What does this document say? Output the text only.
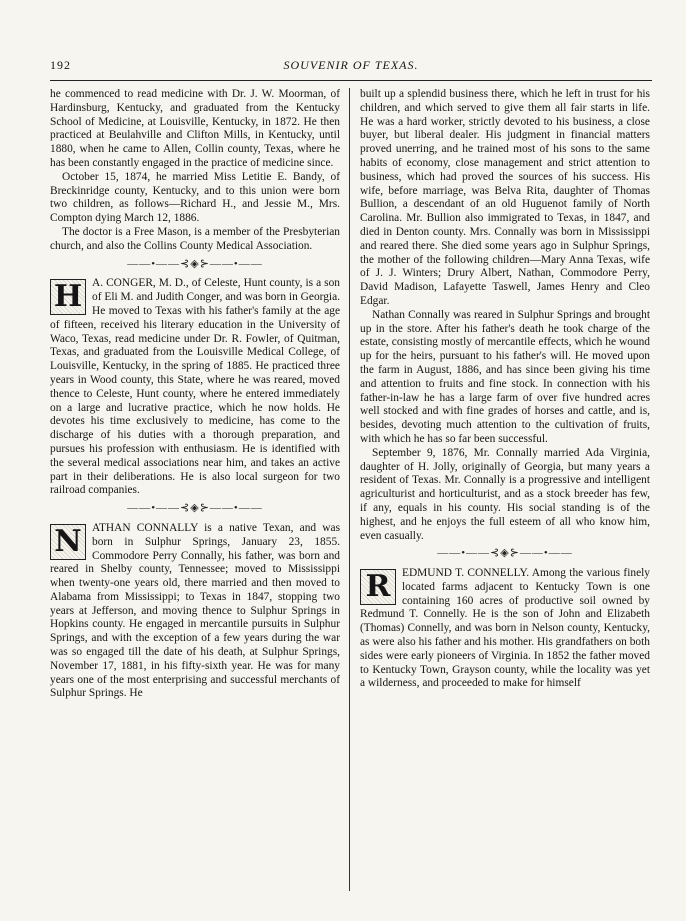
192	SOUVENIR OF TEXAS.

he commenced to read medicine with Dr. J. W. Moorman, of Hardinsburg, Kentucky, and graduated from the Kentucky School of Medicine, at Louisville, Kentucky, in 1872. He then practiced at Beulahville and Clifton Mills, in Kentucky, until 1880, when he came to Allen, Collin county, Texas, where he has been constantly engaged in the practice of medicine since.

October 15, 1874, he married Miss Letitie E. Bandy, of Breckinridge county, Kentucky, and to this union were born two children, as follows—Richard H., and Jessie M., Mrs. Compton dying March 12, 1886.

The doctor is a Free Mason, is a member of the Presbyterian church, and also the Collins County Medical Association.

——•——⊰◈⊱——•——

H A. CONGER, M. D., of Celeste, Hunt county, is a son of Eli M. and Judith Conger, and was born in Georgia. He moved to Texas with his father's family at the age of fifteen, received his literary education in the University of Waco, Texas, read medicine under Dr. R. Fowler, of Quitman, Texas, and graduated from the Louisville Medical College, of Louisville, Kentucky, in the spring of 1885. He practiced three years in Wood county, this State, where he was reared, moved thence to Celeste, Hunt county, where he entered immediately on a large and lucrative practice, which he now holds. He devotes his time exclusively to medicine, has come to the discharge of his duties with a thorough preparation, and pursues his profession with enthusiasm. He is identified with the several medical associations near him, and takes an active part in their deliberations. He is also local surgeon for two railroad companies.

——•——⊰◈⊱——•——

N ATHAN CONNALLY is a native Texan, and was born in Sulphur Springs, January 23, 1855. Commodore Perry Connally, his father, was born and reared in Shelby county, Tennessee; moved to Mississippi when twenty-one years old, there married and then moved to Alabama from Mississippi; to Texas in 1847, stopping two years at Jefferson, and moving thence to Sulphur Springs in Hopkins county. He engaged in mercantile pursuits in Sulphur Springs, and with the exception of a few years during the war was so engaged till the date of his death, at Sulphur Springs, November 17, 1881, in his fifty-sixth year. He was for many years one of the most enterprising and successful merchants of Sulphur Springs. He

built up a splendid business there, which he left in trust for his children, and which served to give them all fair starts in life. He was a hard worker, strictly devoted to his business, a close buyer, but liberal dealer. His judgment in financial matters proved unerring, and he trained most of his sons to the same habits of economy, close management and strict attention to business, which had proved the sources of his success. His wife, before marriage, was Belva Rita, daughter of Thomas Bullion, a descendant of an old Huguenot family of North Carolina. Mr. Bullion also immigrated to Texas, in 1847, and died in Denton county. Mrs. Connally was born in Mississippi and reared there. She died some years ago in Sulphur Springs, the mother of the following children—Mary Anna Texas, wife of J. J. Winters; Drury Albert, Nathan, Commodore Perry, David Madison, Lafayette Taswell, James Henry and Cleo Edgar.

Nathan Connally was reared in Sulphur Springs and brought up in the store. After his father's death he took charge of the estate, consisting mostly of mercantile effects, which he wound up for the heirs, pursuant to his father's will. He moved upon the farm in August, 1886, and has since been giving his time and attention to fruits and fine stock. In connection with his father-in-law he has a large farm of over five hundred acres well stocked and with fine grades of horses and cattle, and is, besides, devoting much attention to the cultivation of fruits, with which he has so far been successful.

September 9, 1876, Mr. Connally married Ada Virginia, daughter of H. Jolly, originally of Georgia, but many years a resident of Texas. Mr. Connally is a progressive and intelligent agriculturist and horticulturist, and as a stock breeder has few, if any, equals in his county. His social standing is of the highest, and he enjoys the full esteem of all who know him, even casually.

——•——⊰◈⊱——•——

R	EDMUND T. CONNELLY. Among the various finely located farms adjacent to Kentucky Town is one containing 160 acres of productive soil owned by Redmund T. Connelly. He is the son of John and Elizabeth (Thomas) Connelly, and was born in Nelson county, Kentucky, as were also his father and his mother. His grandfathers on both sides were early pioneers of Virginia. In 1852 the father moved to Kentucky Town, Grayson county, while the locality was yet a wilderness, and proceeded to make for himself
